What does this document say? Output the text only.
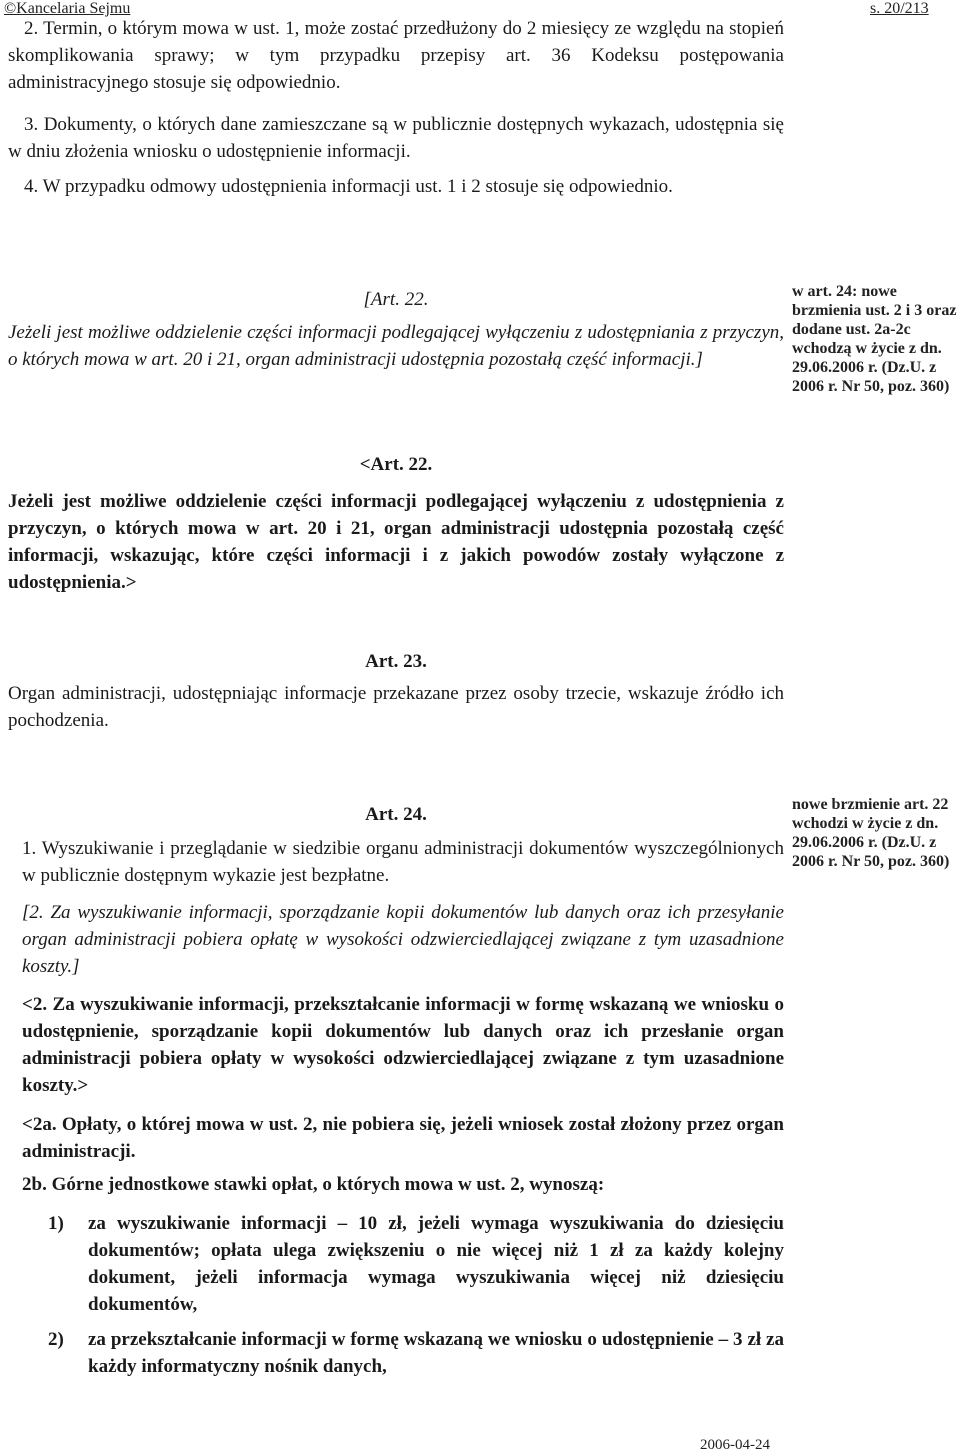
©Kancelaria Sejmu	s. 20/213
2. Termin, o którym mowa w ust. 1, może zostać przedłużony do 2 miesięcy ze względu na stopień skomplikowania sprawy; w tym przypadku przepisy art. 36 Kodeksu postępowania administracyjnego stosuje się odpowiednio.
3. Dokumenty, o których dane zamieszczane są w publicznie dostępnych wykazach, udostępnia się w dniu złożenia wniosku o udostępnienie informacji.
4. W przypadku odmowy udostępnienia informacji ust. 1 i 2 stosuje się odpowiednio.
[Art. 22.
Jeżeli jest możliwe oddzielenie części informacji podlegającej wyłączeniu z udostępniania z przyczyn, o których mowa w art. 20 i 21, organ administracji udostępnia pozostałą część informacji.]
<Art. 22.
Jeżeli jest możliwe oddzielenie części informacji podlegającej wyłączeniu z udostępnienia z przyczyn, o których mowa w art. 20 i 21, organ administracji udostępnia pozostałą część informacji, wskazując, które części informacji i z jakich powodów zostały wyłączone z udostępnienia.>
Art. 23.
Organ administracji, udostępniając informacje przekazane przez osoby trzecie, wskazuje źródło ich pochodzenia.
Art. 24.
1. Wyszukiwanie i przeglądanie w siedzibie organu administracji dokumentów wyszczególnionych w publicznie dostępnym wykazie jest bezpłatne.
[2. Za wyszukiwanie informacji, sporządzanie kopii dokumentów lub danych oraz ich przesyłanie organ administracji pobiera opłatę w wysokości odzwierciedlającej związane z tym uzasadnione koszty.]
<2. Za wyszukiwanie informacji, przekształcanie informacji w formę wskazaną we wniosku o udostępnienie, sporządzanie kopii dokumentów lub danych oraz ich przesłanie organ administracji pobiera opłaty w wysokości odzwierciedlającej związane z tym uzasadnione koszty.>
<2a. Opłaty, o której mowa w ust. 2, nie pobiera się, jeżeli wniosek został złożony przez organ administracji.
2b. Górne jednostkowe stawki opłat, o których mowa w ust. 2, wynoszą:
1)	za wyszukiwanie informacji – 10 zł, jeżeli wymaga wyszukiwania do dziesięciu dokumentów; opłata ulega zwiększeniu o nie więcej niż 1 zł za każdy kolejny dokument, jeżeli informacja wymaga wyszukiwania więcej niż dziesięciu dokumentów,
2)	za przekształcanie informacji w formę wskazaną we wniosku o udostępnienie – 3 zł za każdy informatyczny nośnik danych,
w art. 24: nowe brzmienia ust. 2 i 3 oraz dodane ust. 2a-2c wchodzą w życie z dn. 29.06.2006 r. (Dz.U. z 2006 r. Nr 50, poz. 360)
nowe brzmienie art. 22 wchodzi w życie z dn. 29.06.2006 r. (Dz.U. z 2006 r. Nr 50, poz. 360)
2006-04-24
